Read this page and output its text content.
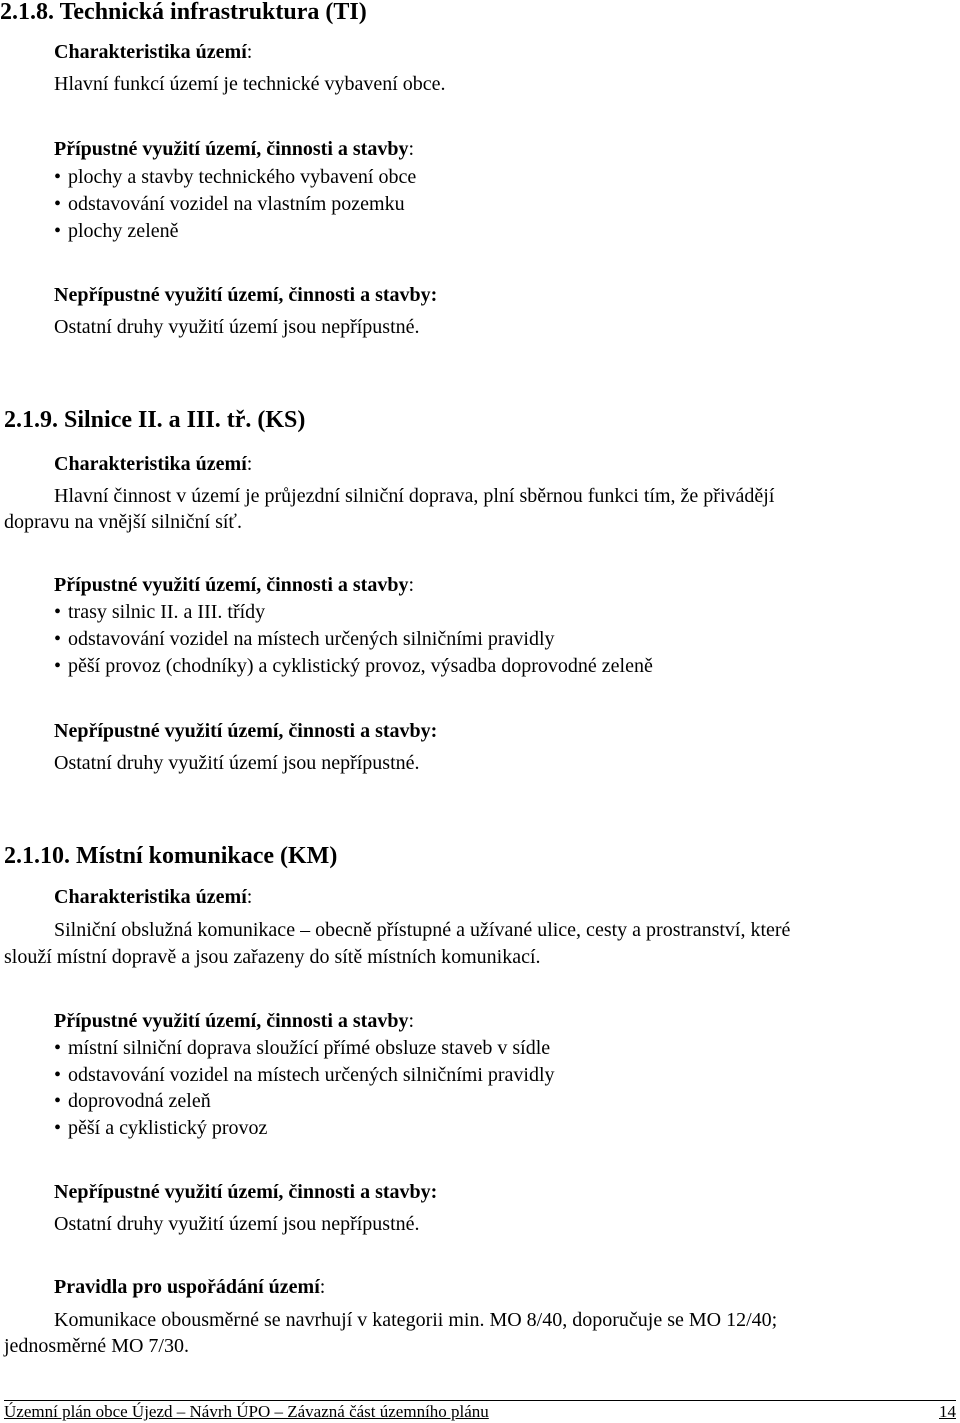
2.1.8. Technická infrastruktura (TI)
Charakteristika území:
Hlavní funkcí území je technické vybavení obce.
Přípustné využití území, činnosti a stavby:
• plochy a stavby technického vybavení obce
• odstavování vozidel na vlastním pozemku
• plochy zeleně
Nepřípustné využití území, činnosti a stavby:
Ostatní druhy využití území jsou nepřípustné.
2.1.9. Silnice II. a III. tř. (KS)
Charakteristika území:
Hlavní činnost v území je průjezdní silniční doprava, plní sběrnou funkci tím, že přivádějí
dopravu na vnější silniční síť.
Přípustné využití území, činnosti a stavby:
• trasy silnic II. a III. třídy
• odstavování vozidel na místech určených silničními pravidly
• pěší provoz (chodníky) a cyklistický provoz, výsadba doprovodné zeleně
Nepřípustné využití území, činnosti a stavby:
Ostatní druhy využití území jsou nepřípustné.
2.1.10. Místní komunikace (KM)
Charakteristika území:
Silniční obslužná komunikace – obecně přístupné a užívané ulice, cesty a prostranství, které
slouží místní dopravě a jsou zařazeny do sítě místních komunikací.
Přípustné využití území, činnosti a stavby:
• místní silniční doprava sloužící přímé obsluze staveb v sídle
• odstavování vozidel na místech určených silničními pravidly
• doprovodná zeleň
• pěší a cyklistický provoz
Nepřípustné využití území, činnosti a stavby:
Ostatní druhy využití území jsou nepřípustné.
Pravidla pro uspořádání území:
Komunikace obousměrné se navrhují v kategorii min. MO 8/40, doporučuje se MO 12/40;
jednosměrné MO 7/30.
Územní plán obce Újezd – Návrh ÚPO – Závazná část územního plánu	14
